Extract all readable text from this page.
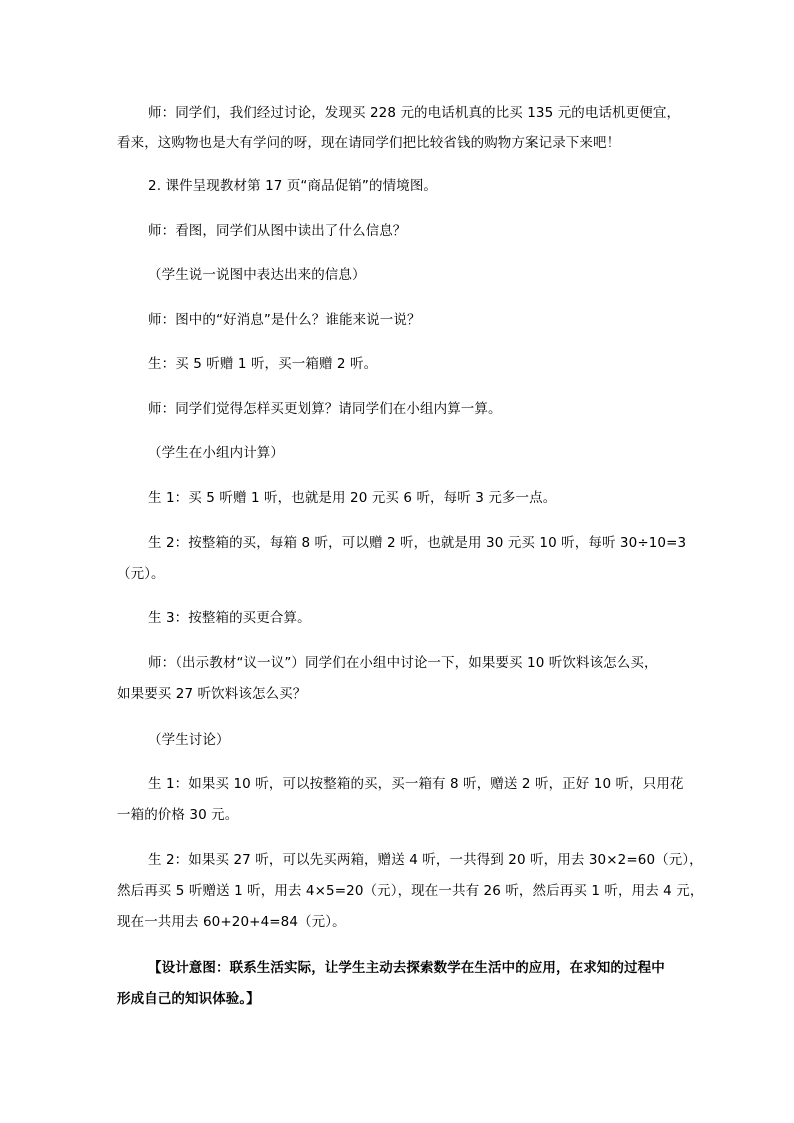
师：同学们，我们经过讨论，发现买 228 元的电话机真的比买 135 元的电话机更便宜，
看来，这购物也是大有学问的呀，现在请同学们把比较省钱的购物方案记录下来吧！
2. 课件呈现教材第 17 页“商品促销”的情境图。
师：看图，同学们从图中读出了什么信息？
（学生说一说图中表达出来的信息）
师：图中的“好消息”是什么？谁能来说一说？
生：买 5 听赠 1 听，买一箱赠 2 听。
师：同学们觉得怎样买更划算？请同学们在小组内算一算。
（学生在小组内计算）
生 1：买 5 听赠 1 听，也就是用 20 元买 6 听，每听 3 元多一点。
生 2：按整箱的买，每箱 8 听，可以赠 2 听，也就是用 30 元买 10 听，每听 30÷10=3
（元）。
生 3：按整箱的买更合算。
师：（出示教材“议一议”）同学们在小组中讨论一下，如果要买 10 听饮料该怎么买，
如果要买 27 听饮料该怎么买？
（学生讨论）
生 1：如果买 10 听，可以按整箱的买，买一箱有 8 听，赠送 2 听，正好 10 听，只用花
一箱的价格 30 元。
生 2：如果买 27 听，可以先买两箱，赠送 4 听，一共得到 20 听，用去 30×2=60（元），
然后再买 5 听赠送 1 听，用去 4×5=20（元），现在一共有 26 听，然后再买 1 听，用去 4 元，
现在一共用去 60+20+4=84（元）。
【设计意图：联系生活实际，让学生主动去探索数学在生活中的应用，在求知的过程中
形成自己的知识体验。】
